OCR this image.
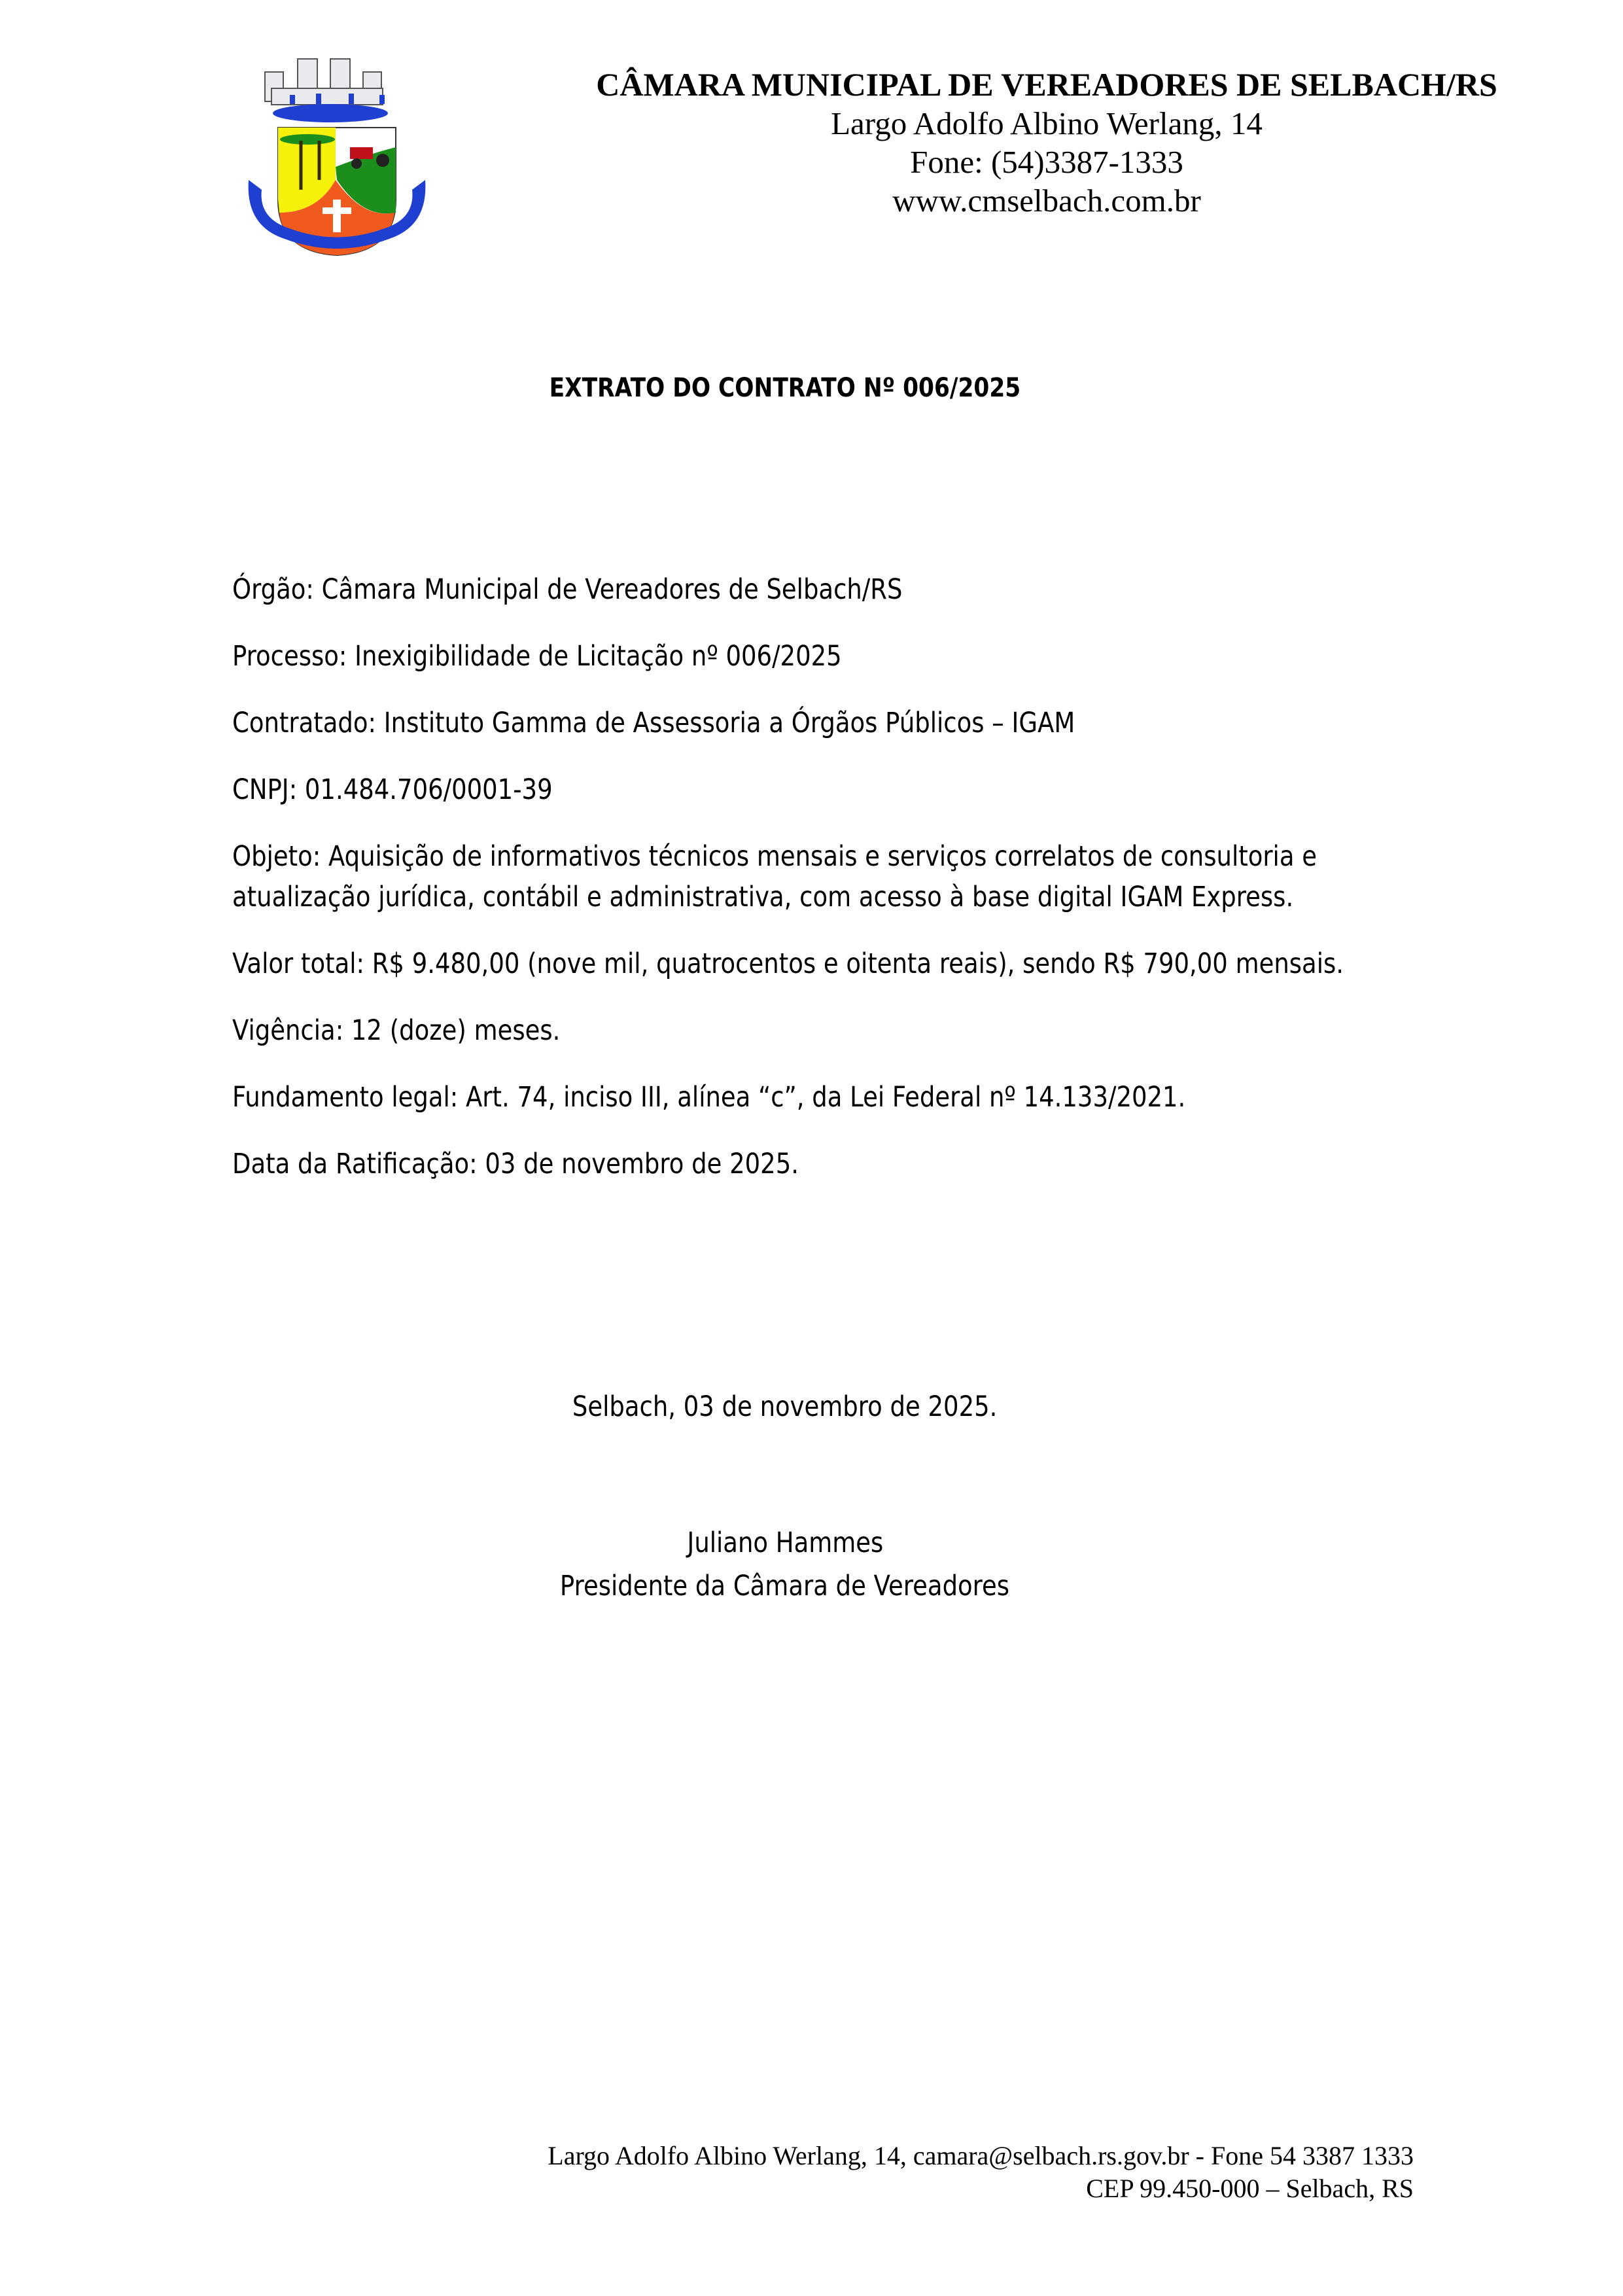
CÂMARA MUNICIPAL DE VEREADORES DE SELBACH/RS
Largo Adolfo Albino Werlang, 14
Fone: (54)3387-1333
www.cmselbach.com.br
EXTRATO DO CONTRATO Nº 006/2025

Órgão: Câmara Municipal de Vereadores de Selbach/RS

Processo: Inexigibilidade de Licitação nº 006/2025

Contratado: Instituto Gamma de Assessoria a Órgãos Públicos – IGAM

CNPJ: 01.484.706/0001-39

Objeto: Aquisição de informativos técnicos mensais e serviços correlatos de consultoria e
atualização jurídica, contábil e administrativa, com acesso à base digital IGAM Express.

Valor total: R$ 9.480,00 (nove mil, quatrocentos e oitenta reais), sendo R$ 790,00 mensais.

Vigência: 12 (doze) meses.

Fundamento legal: Art. 74, inciso III, alínea “c”, da Lei Federal nº 14.133/2021.

Data da Ratificação: 03 de novembro de 2025.

Selbach, 03 de novembro de 2025.
Juliano Hammes
Presidente da Câmara de Vereadores
Largo Adolfo Albino Werlang, 14, camara@selbach.rs.gov.br - Fone 54 3387 1333
CEP 99.450-000 – Selbach, RS
